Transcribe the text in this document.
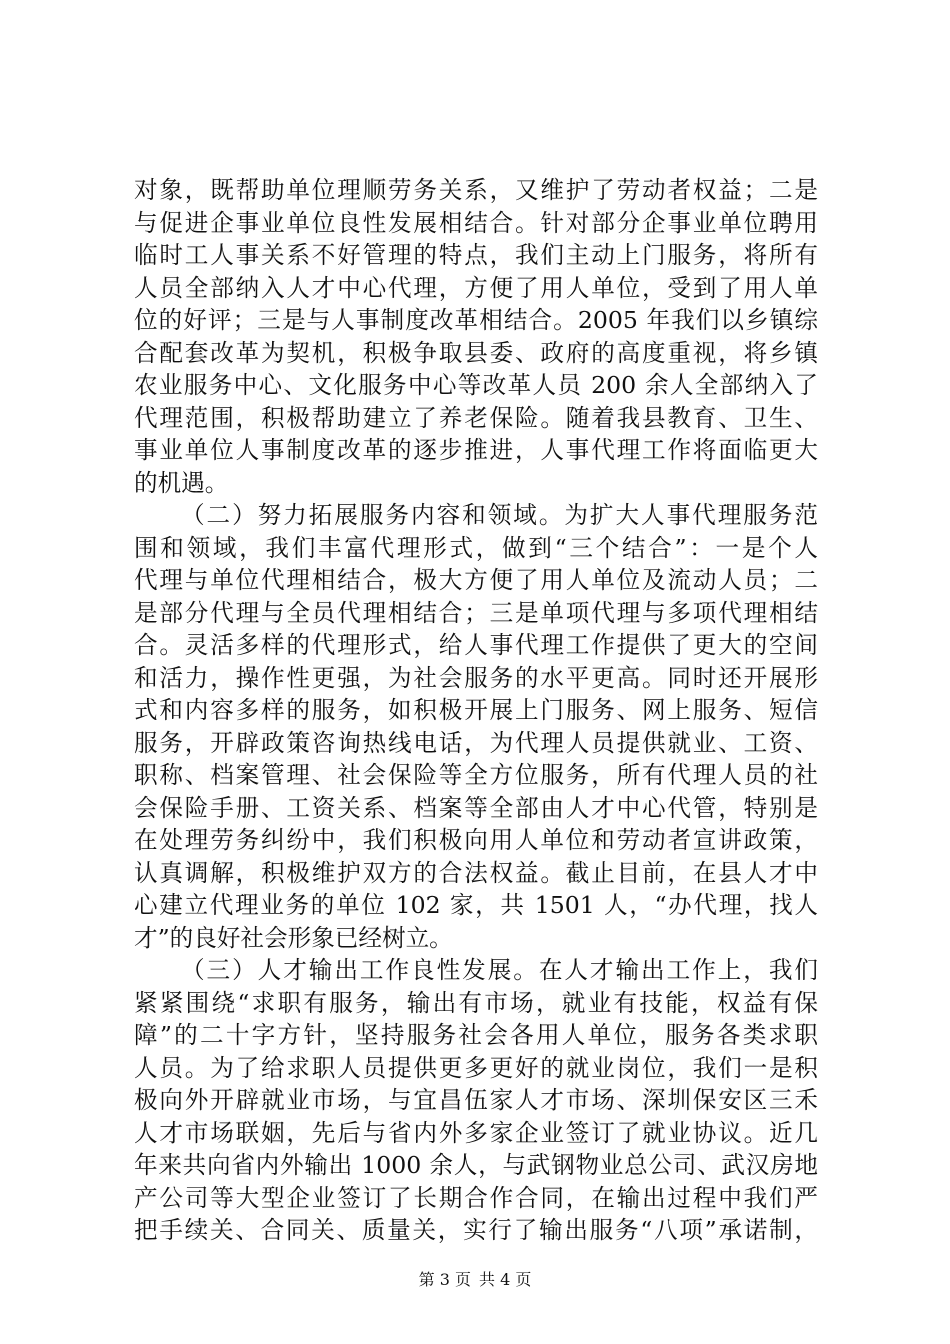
对象，既帮助单位理顺劳务关系，又维护了劳动者权益；二是
与促进企事业单位良性发展相结合。针对部分企事业单位聘用
临时工人事关系不好管理的特点，我们主动上门服务，将所有
人员全部纳入人才中心代理，方便了用人单位，受到了用人单
位的好评；三是与人事制度改革相结合。2005 年我们以乡镇综
合配套改革为契机，积极争取县委、政府的高度重视，将乡镇
农业服务中心、文化服务中心等改革人员 200 余人全部纳入了
代理范围，积极帮助建立了养老保险。随着我县教育、卫生、
事业单位人事制度改革的逐步推进，人事代理工作将面临更大
的机遇。
（二）努力拓展服务内容和领域。为扩大人事代理服务范
围和领域，我们丰富代理形式，做到“三个结合”：一是个人
代理与单位代理相结合，极大方便了用人单位及流动人员；二
是部分代理与全员代理相结合；三是单项代理与多项代理相结
合。灵活多样的代理形式，给人事代理工作提供了更大的空间
和活力，操作性更强，为社会服务的水平更高。同时还开展形
式和内容多样的服务，如积极开展上门服务、网上服务、短信
服务，开辟政策咨询热线电话，为代理人员提供就业、工资、
职称、档案管理、社会保险等全方位服务，所有代理人员的社
会保险手册、工资关系、档案等全部由人才中心代管，特别是
在处理劳务纠纷中，我们积极向用人单位和劳动者宣讲政策，
认真调解，积极维护双方的合法权益。截止目前，在县人才中
心建立代理业务的单位 102 家，共 1501 人，“办代理，找人
才”的良好社会形象已经树立。
（三）人才输出工作良性发展。在人才输出工作上，我们
紧紧围绕“求职有服务，输出有市场，就业有技能，权益有保
障”的二十字方针，坚持服务社会各用人单位，服务各类求职
人员。为了给求职人员提供更多更好的就业岗位，我们一是积
极向外开辟就业市场，与宜昌伍家人才市场、深圳保安区三禾
人才市场联姻，先后与省内外多家企业签订了就业协议。近几
年来共向省内外输出 1000 余人，与武钢物业总公司、武汉房地
产公司等大型企业签订了长期合作合同，在输出过程中我们严
把手续关、合同关、质量关，实行了输出服务“八项”承诺制，
第 3 页 共 4 页
